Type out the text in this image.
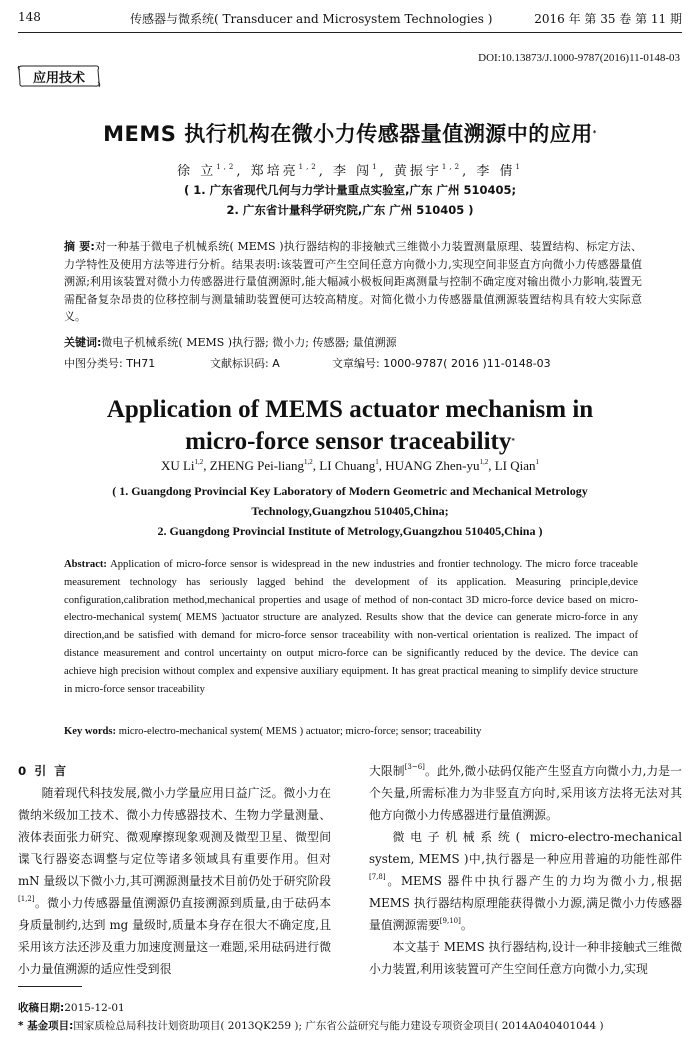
148	传感器与微系统( Transducer and Microsystem Technologies )	2016 年 第 35 卷 第 11 期
DOI:10.13873/J.1000-9787(2016)11-0148-03
应用技术
MEMS 执行机构在微小力传感器量值溯源中的应用*
徐 立$^{1,2}$, 郑培亮$^{1,2}$, 李 闯$^1$, 黄振宇$^{1,2}$, 李 倩$^1$
( 1. 广东省现代几何与力学计量重点实验室,广东 广州 510405;
2. 广东省计量科学研究院,广东 广州 510405 )
摘 要:对一种基于微电子机械系统( MEMS )执行器结构的非接触式三维微小力装置测量原理、装置结构、标定方法、力学特性及使用方法等进行分析。结果表明:该装置可产生空间任意方向微小力,实现空间非竖直方向微小力传感器量值溯源;利用该装置对微小力传感器进行量值溯源时,能大幅减小极板间距离测量与控制不确定度对输出微小力影响,装置无需配备复杂昂贵的位移控制与测量辅助装置便可达较高精度。对简化微小力传感器量值溯源装置结构具有较大实际意义。
关键词:微电子机械系统( MEMS )执行器; 微小力; 传感器; 量值溯源
中图分类号: TH71	文献标识码: A	文章编号: 1000-9787( 2016 )11-0148-03
Application of MEMS actuator mechanism in
micro-force sensor traceability*
XU Li$^{1,2}$, ZHENG Pei-liang$^{1,2}$, LI Chuang$^1$, HUANG Zhen-yu$^{1,2}$, LI Qian$^1$
( 1. Guangdong Provincial Key Laboratory of Modern Geometric and Mechanical Metrology
Technology,Guangzhou 510405,China;
2. Guangdong Provincial Institute of Metrology,Guangzhou 510405,China )
Abstract: Application of micro-force sensor is widespread in the new industries and frontier technology. The micro force traceable measurement technology has seriously lagged behind the development of its application. Measuring principle,device configuration,calibration method,mechanical properties and usage of method of non-contact 3D micro-force device based on micro-electro-mechanical system( MEMS )actuator structure are analyzed. Results show that the device can generate micro-force in any direction,and be satisfied with demand for micro-force sensor traceability with non-vertical orientation is realized. The impact of distance measurement and control uncertainty on output micro-force can be significantly reduced by the device. The device can achieve high precision without complex and expensive auxiliary equipment. It has great practical meaning to simplify device structure in micro-force sensor traceability
Key words: micro-electro-mechanical system( MEMS ) actuator; micro-force; sensor; traceability
0 引 言

随着现代科技发展,微小力学量应用日益广泛。微小力在微纳米级加工技术、微小力传感器技术、生物力学量测量、液体表面张力研究、微观摩擦现象观测及微型卫星、微型间谍飞行器姿态调整与定位等诸多领域具有重要作用。但对 mN 量级以下微小力,其可溯源测量技术目前仍处于研究阶段[1,2]。微小力传感器量值溯源仍直接溯源到质量,由于砝码本身质量制约,达到 mg 量级时,质量本身存在很大不确定度,且采用该方法还涉及重力加速度测量这一难题,采用砝码进行微小力量值溯源的适应性受到很

大限制[3~6]。此外,微小砝码仅能产生竖直方向微小力,力是一个矢量,所需标准力为非竖直方向时,采用该方法将无法对其他方向微小力传感器进行量值溯源。

微电子机械系统( micro-electro-mechanical system, MEMS )中,执行器是一种应用普遍的功能性部件[7,8]。MEMS 器件中执行器产生的力均为微小力,根据 MEMS 执行器结构原理能获得微小力源,满足微小力传感器量值溯源需要[9,10]。

本文基于 MEMS 执行器结构,设计一种非接触式三维微小力装置,利用该装置可产生空间任意方向微小力,实现

收稿日期:2015-12-01
* 基金项目:国家质检总局科技计划资助项目( 2013QK259 ); 广东省公益研究与能力建设专项资金项目( 2014A040401044 )
